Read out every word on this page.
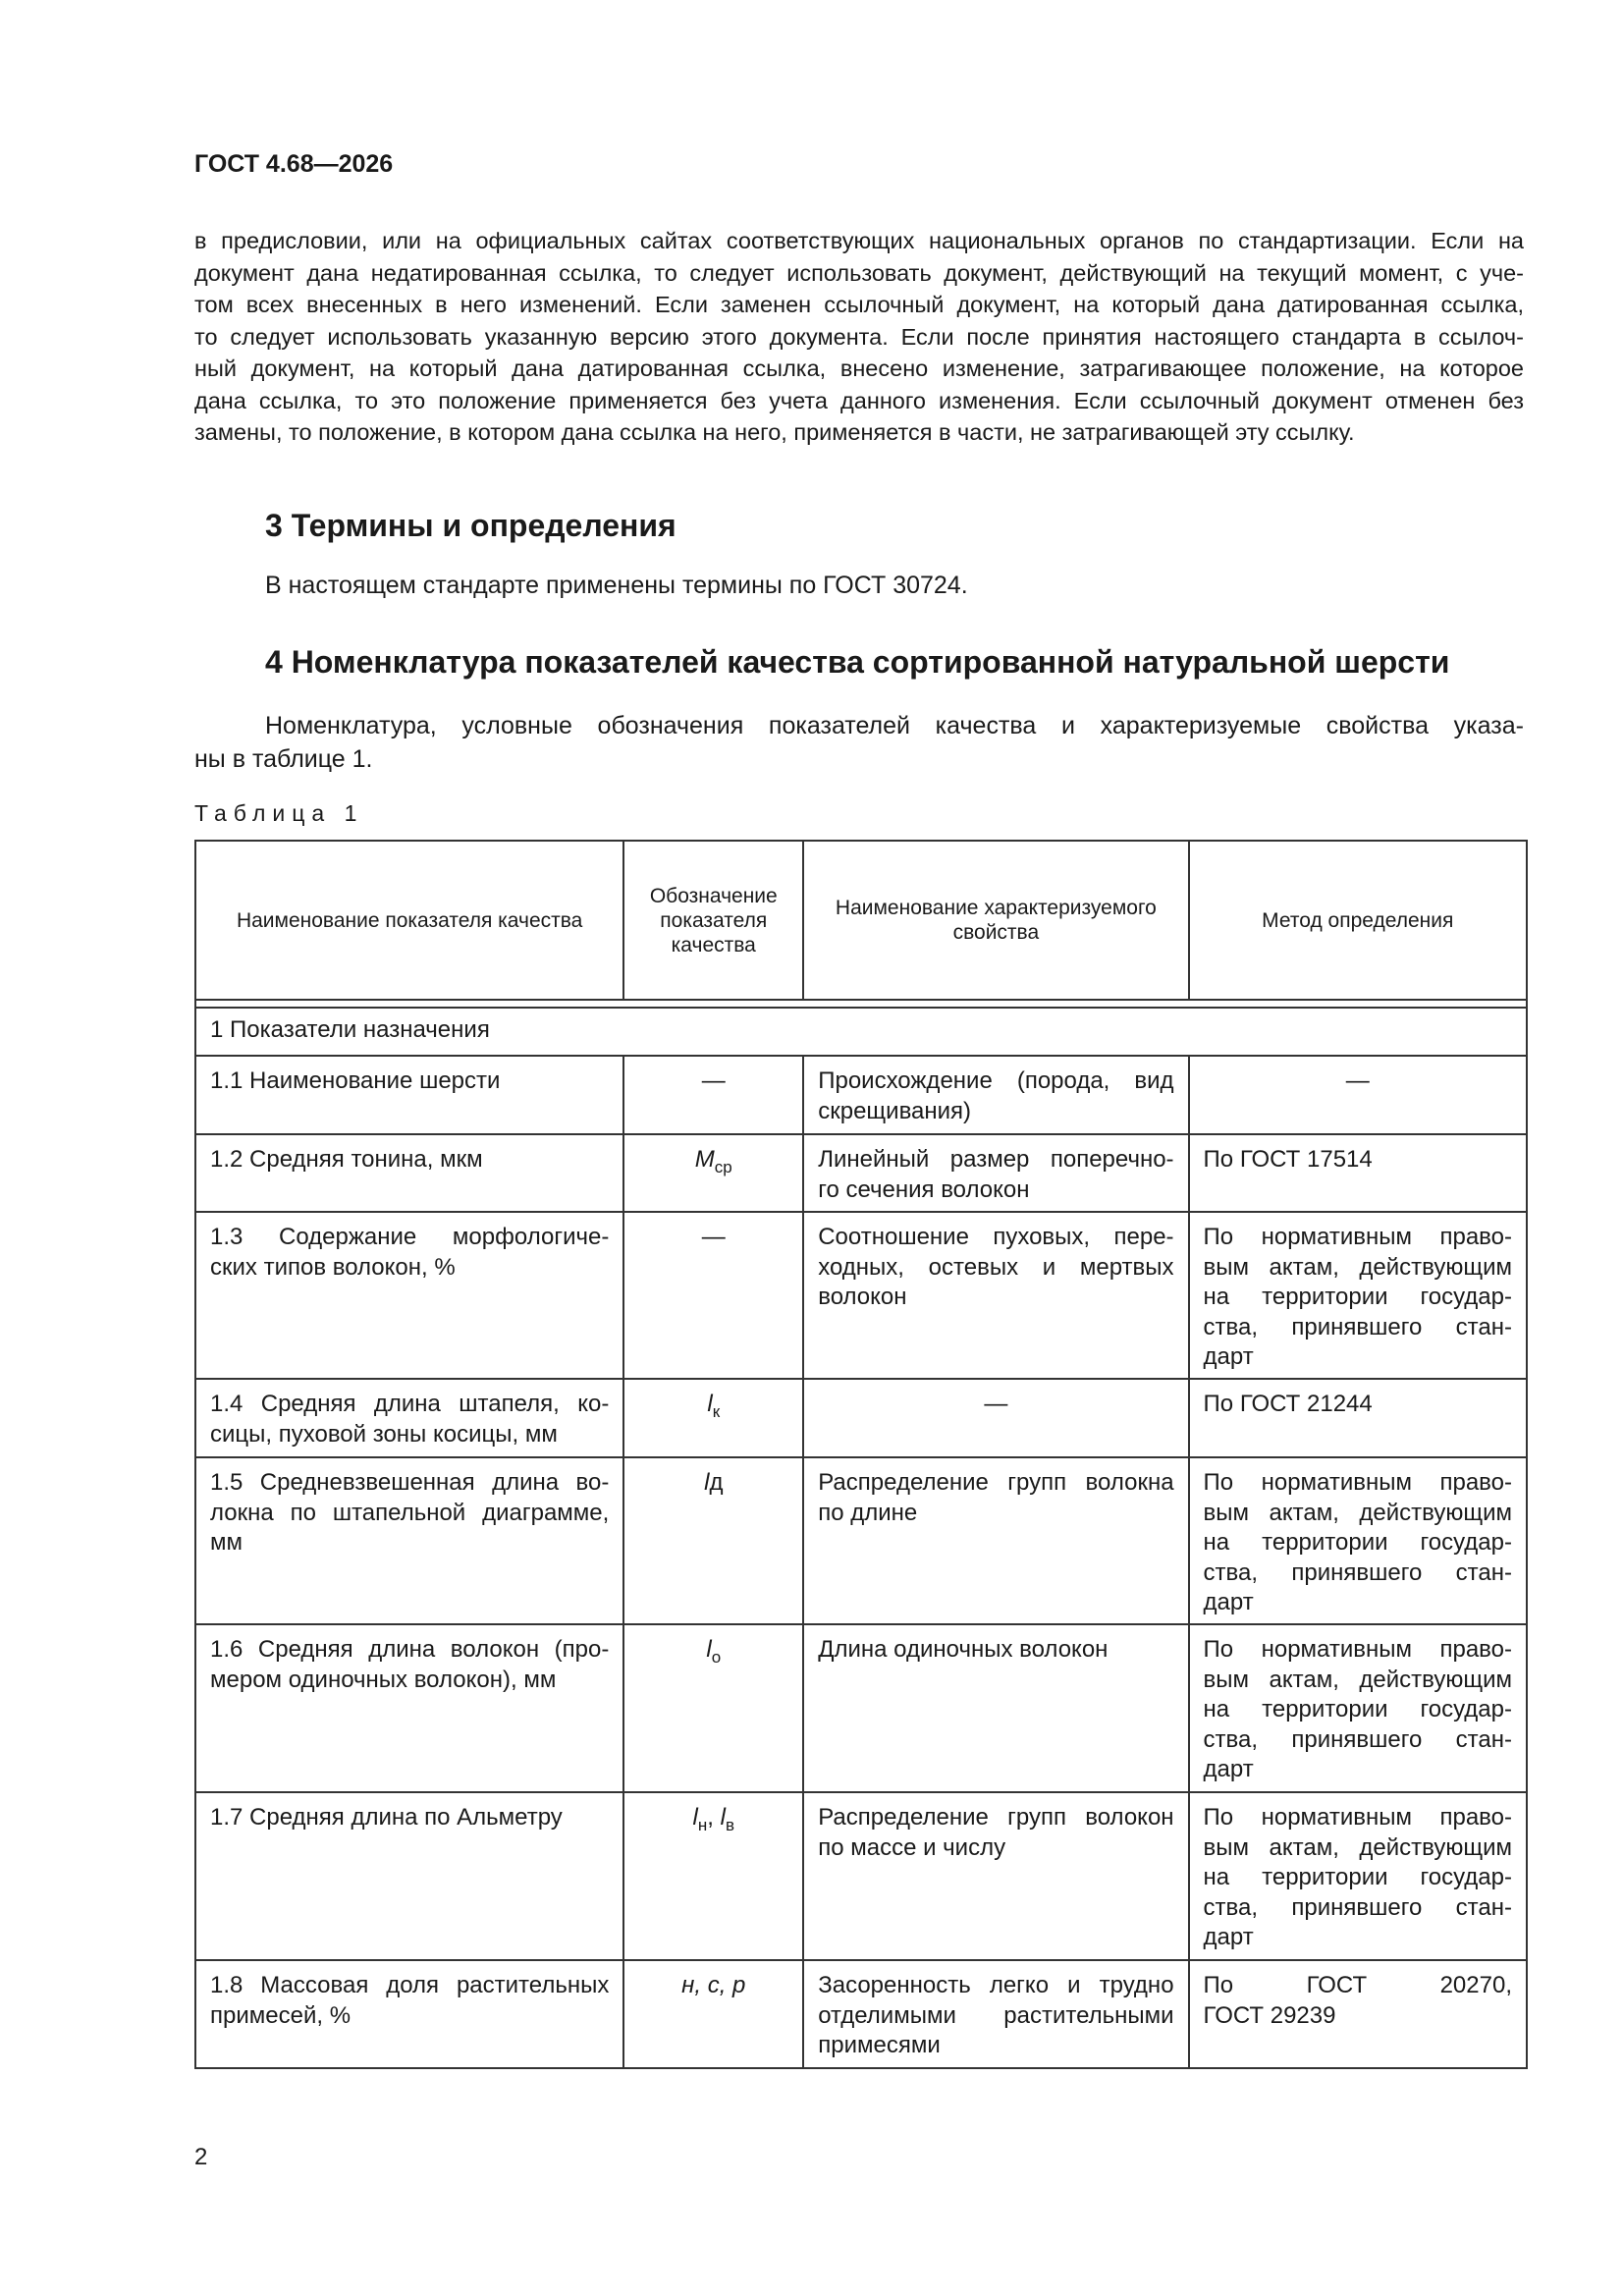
ГОСТ 4.68—2026
в предисловии, или на официальных сайтах соответствующих национальных органов по стандартизации. Если на
документ дана недатированная ссылка, то следует использовать документ, действующий на текущий момент, с уче-
том всех внесенных в него изменений. Если заменен ссылочный документ, на который дана датированная ссылка,
то следует использовать указанную версию этого документа. Если после принятия настоящего стандарта в ссылоч-
ный документ, на который дана датированная ссылка, внесено изменение, затрагивающее положение, на которое
дана ссылка, то это положение применяется без учета данного изменения. Если ссылочный документ отменен без
замены, то положение, в котором дана ссылка на него, применяется в части, не затрагивающей эту ссылку.
3 Термины и определения
В настоящем стандарте применены термины по ГОСТ 30724.
4 Номенклатура показателей качества сортированной натуральной шерсти
Номенклатура, условные обозначения показателей качества и характеризуемые свойства указа-
ны в таблице 1.
Таблица 1
Наименование показателя качества	Обозначение показателя качества	Наименование характеризуемого свойства	Метод определения

1 Показатели назначения			

1.1 Наименование шерсти	—	Происхождение (порода, вид
скрещивания)	—

1.2 Средняя тонина, мкм	$M_{ср}$	Линейный размер поперечно-
го сечения волокон	По ГОСТ 17514

1.3 Содержание морфологиче-
ских типов волокон, %	—	Соотношение пуховых, пере-
ходных, остевых и мертвых
волокон	По нормативным право-
вым актам, действующим
на территории государ-
ства, принявшего стан-
дарт

1.4 Средняя длина штапеля, ко-
сицы, пуховой зоны косицы, мм	$l_к$	—	По ГОСТ 21244

1.5 Средневзвешенная длина во-
локна по штапельной диаграмме,
мм	lд	Распределение групп волокна
по длине	По нормативным право-
вым актам, действующим
на территории государ-
ства, принявшего стан-
дарт

1.6 Средняя длина волокон (про-
мером одиночных волокон), мм	$l_о$	Длина одиночных волокон	По нормативным право-
вым актам, действующим
на территории государ-
ства, принявшего стан-
дарт

1.7 Средняя длина по Альметру	$l_н$, $l_в$	Распределение групп волокон
по массе и числу	По нормативным право-
вым актам, действующим
на территории государ-
ства, принявшего стан-
дарт

1.8 Массовая доля растительных
примесей, %	н, с, р	Засоренность легко и трудно
отделимыми растительными
примесями	По ГОСТ 20270,
ГОСТ 29239
2
